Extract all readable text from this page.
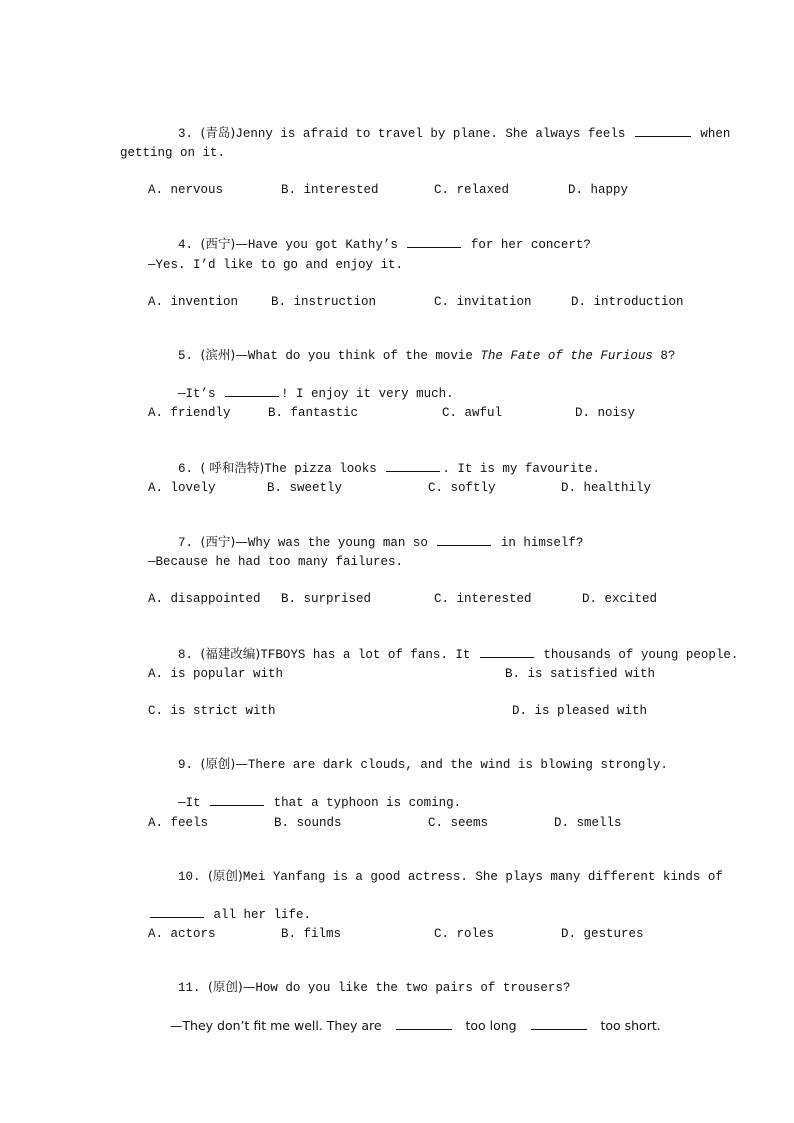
3. (青岛)Jenny is afraid to travel by plane. She always feels	when

getting on it.
A. nervous	B. interested	C. relaxed	D. happy

4. (西宁)—Have you got Kathy’s	for her concert?

—Yes. I’d like to go and enjoy it.
A. invention	B. instruction	C. invitation	D. introduction

5. (滨州)—What do you think of the movie The Fate of the Furious 8?

—It’s	! I enjoy it very much.

A. friendly	B. fantastic	C. awful	D. noisy

6. ( 呼和浩特)The pizza looks	. It is my favourite.

A. lovely	B. sweetly	C. softly	D. healthily

7. (西宁)—Why was the young man so	in himself?

—Because he had too many failures.
A. disappointed B. surprised	C. interested	D. excited

8. (福建改编)TFBOYS has a lot of fans. It	thousands of young people.

A. is popular with	B. is satisfied with
C. is strict with	D. is pleased with

9. (原创)—There are dark clouds, and the wind is blowing strongly.

—It	that a typhoon is coming.

A. feels	B. sounds	C. seems	D. smells

10. (原创)Mei Yanfang is a good actress. She plays many different kinds of

all her life.

A. actors	B. films	C. roles	D. gestures

11. (原创)—How do you like the two pairs of trousers?

—They don’t fit me well. They are	too long	too short.
